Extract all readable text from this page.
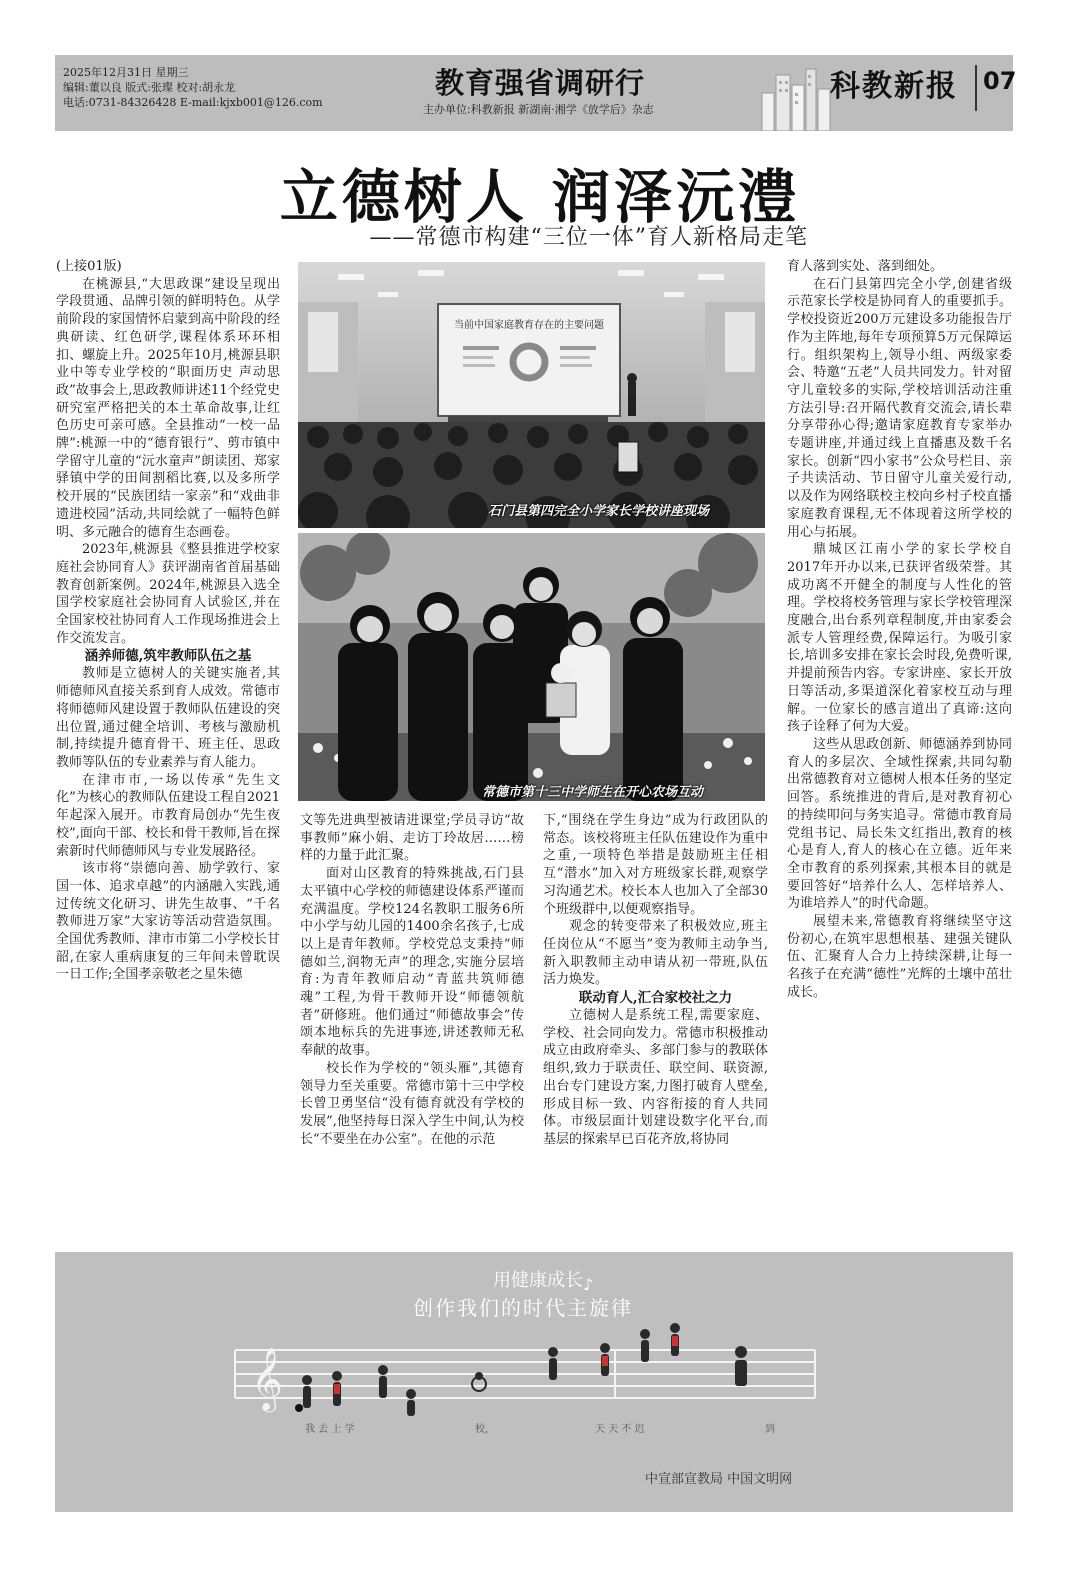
2025年12月31日 星期三
编辑:董以良 版式:张璨 校对:胡永龙
电话:0731-84326428 E-mail:kjxb001@126.com
教育强省调研行
主办单位:科教新报 新湖南·湘学《放学后》杂志
科教新报 07
立德树人 润泽沅澧
——常德市构建“三位一体”育人新格局走笔

(上接01版)

在桃源县,“大思政课”建设呈现出学段贯通、品牌引领的鲜明特色。从学前阶段的家国情怀启蒙到高中阶段的经典研读、红色研学,课程体系环环相扣、螺旋上升。2025年10月,桃源县职业中等专业学校的“职面历史 声动思政”故事会上,思政教师讲述11个经党史研究室严格把关的本土革命故事,让红色历史可亲可感。全县推动“一校一品牌”:桃源一中的“德育银行”、剪市镇中学留守儿童的“沅水童声”朗读团、郑家驿镇中学的田间割稻比赛,以及多所学校开展的“民族团结一家亲”和“戏曲非遗进校园”活动,共同绘就了一幅特色鲜明、多元融合的德育生态画卷。

2023年,桃源县《整县推进学校家庭社会协同育人》获评湖南省首届基础教育创新案例。2024年,桃源县入选全国学校家庭社会协同育人试验区,并在全国家校社协同育人工作现场推进会上作交流发言。

涵养师德,筑牢教师队伍之基

教师是立德树人的关键实施者,其师德师风直接关系到育人成效。常德市将师德师风建设置于教师队伍建设的突出位置,通过健全培训、考核与激励机制,持续提升德育骨干、班主任、思政教师等队伍的专业素养与育人能力。

在津市市,一场以传承“先生文化”为核心的教师队伍建设工程自2021年起深入展开。市教育局创办“先生夜校”,面向干部、校长和骨干教师,旨在探索新时代师德师风与专业发展路径。

该市将“崇德向善、励学敦行、家国一体、追求卓越”的内涵融入实践,通过传统文化研习、讲先生故事、“千名教师进万家”大家访等活动营造氛围。全国优秀教师、津市市第二小学校长甘韶,在家人重病康复的三年间未曾耽误一日工作;全国孝亲敬老之星朱德

当前中国家庭教育存在的主要问题
石门县第四完全小学家长学校讲座现场
常德市第十三中学师生在开心农场互动

文等先进典型被请进课堂;学员寻访“故事教师”麻小娟、走访丁玲故居……榜样的力量于此汇聚。

面对山区教育的特殊挑战,石门县太平镇中心学校的师德建设体系严谨而充满温度。学校124名教职工服务6所中小学与幼儿园的1400余名孩子,七成以上是青年教师。学校党总支秉持“师德如兰,润物无声”的理念,实施分层培育:为青年教师启动“青蓝共筑师德魂”工程,为骨干教师开设“师德领航者”研修班。他们通过“师德故事会”传颂本地标兵的先进事迹,讲述教师无私奉献的故事。

校长作为学校的“领头雁”,其德育领导力至关重要。常德市第十三中学校长曾卫勇坚信“没有德育就没有学校的发展”,他坚持每日深入学生中间,认为校长“不要坐在办公室”。在他的示范

下,“围绕在学生身边”成为行政团队的常态。该校将班主任队伍建设作为重中之重,一项特色举措是鼓励班主任相互“潜水”加入对方班级家长群,观察学习沟通艺术。校长本人也加入了全部30个班级群中,以便观察指导。

观念的转变带来了积极效应,班主任岗位从“不愿当”变为教师主动争当,新入职教师主动申请从初一带班,队伍活力焕发。

联动育人,汇合家校社之力

立德树人是系统工程,需要家庭、学校、社会同向发力。常德市积极推动成立由政府牵头、多部门参与的教联体组织,致力于联责任、联空间、联资源,出台专门建设方案,力图打破育人壁垒,形成目标一致、内容衔接的育人共同体。市级层面计划建设数字化平台,而基层的探索早已百花齐放,将协同

育人落到实处、落到细处。

在石门县第四完全小学,创建省级示范家长学校是协同育人的重要抓手。学校投资近200万元建设多功能报告厅作为主阵地,每年专项预算5万元保障运行。组织架构上,领导小组、两级家委会、特邀“五老”人员共同发力。针对留守儿童较多的实际,学校培训活动注重方法引导:召开隔代教育交流会,请长辈分享带孙心得;邀请家庭教育专家举办专题讲座,并通过线上直播惠及数千名家长。创新“四小家书”公众号栏目、亲子共读活动、节日留守儿童关爱行动,以及作为网络联校主校向乡村子校直播家庭教育课程,无不体现着这所学校的用心与拓展。

鼎城区江南小学的家长学校自2017年开办以来,已获评省级荣誉。其成功离不开健全的制度与人性化的管理。学校将校务管理与家长学校管理深度融合,出台系列章程制度,并由家委会派专人管理经费,保障运行。为吸引家长,培训多安排在家长会时段,免费听课,并提前预告内容。专家讲座、家长开放日等活动,多渠道深化着家校互动与理解。一位家长的感言道出了真谛:这向孩子诠释了何为大爱。

这些从思政创新、师德涵养到协同育人的多层次、全域性探索,共同勾勒出常德教育对立德树人根本任务的坚定回答。系统推进的背后,是对教育初心的持续叩问与务实追寻。常德市教育局党组书记、局长朱文红指出,教育的核心是育人,育人的核心在立德。近年来全市教育的系列探索,其根本目的就是要回答好“培养什么人、怎样培养人、为谁培养人”的时代命题。

展望未来,常德教育将继续坚守这份初心,在筑牢思想根基、建强关键队伍、汇聚育人合力上持续深耕,让每一名孩子在充满“德性”光辉的土壤中茁壮成长。

用健康成长
创作我们的时代主旋律
𝄞
♪
我 去 上 学	校,	天 天 不 迟	到
中宣部宣教局 中国文明网
